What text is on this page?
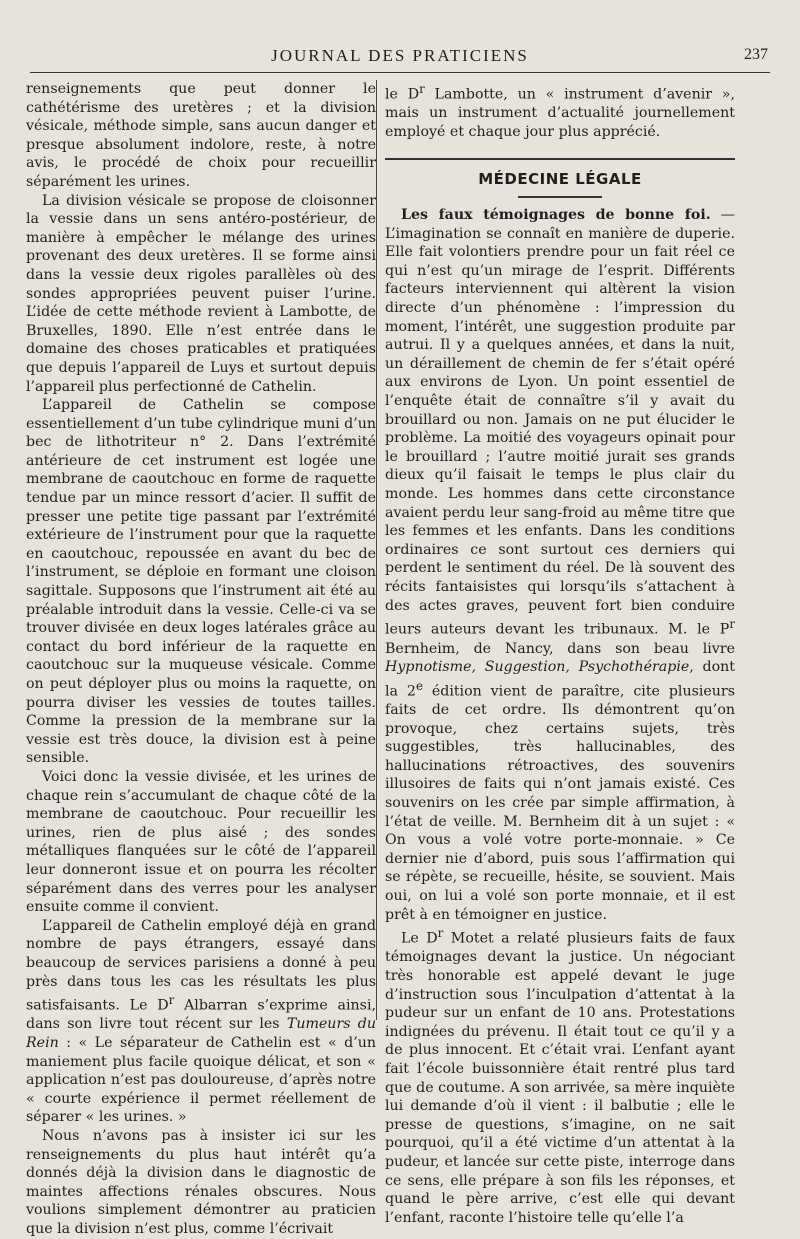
JOURNAL DES PRATICIENS	237

renseignements que peut donner le cathétérisme des uretères ; et la division vésicale, méthode simple, sans aucun danger et presque absolument indolore, reste, à notre avis, le procédé de choix pour recueillir séparément les urines.

La division vésicale se propose de cloisonner la vessie dans un sens antéro-postérieur, de manière à empêcher le mélange des urines provenant des deux uretères. Il se forme ainsi dans la vessie deux rigoles parallèles où des sondes appropriées peuvent puiser l’urine. L’idée de cette méthode revient à Lambotte, de Bruxelles, 1890. Elle n’est entrée dans le domaine des choses praticables et pratiquées que depuis l’appareil de Luys et surtout depuis l’appareil plus perfectionné de Cathelin.

L’appareil de Cathelin se compose essentiellement d’un tube cylindrique muni d’un bec de lithotriteur n° 2. Dans l’extrémité antérieure de cet instrument est logée une membrane de caoutchouc en forme de raquette tendue par un mince ressort d’acier. Il suffit de presser une petite tige passant par l’extrémité extérieure de l’instrument pour que la raquette en caoutchouc, repoussée en avant du bec de l’instrument, se déploie en formant une cloison sagittale. Supposons que l’instrument ait été au préalable introduit dans la vessie. Celle-ci va se trouver divisée en deux loges latérales grâce au contact du bord inférieur de la raquette en caoutchouc sur la muqueuse vésicale. Comme on peut déployer plus ou moins la raquette, on pourra diviser les vessies de toutes tailles. Comme la pression de la membrane sur la vessie est très douce, la division est à peine sensible.

Voici donc la vessie divisée, et les urines de chaque rein s’accumulant de chaque côté de la membrane de caoutchouc. Pour recueillir les urines, rien de plus aisé ; des sondes métalliques flanquées sur le côté de l’appareil leur donneront issue et on pourra les récolter séparément dans des verres pour les analyser ensuite comme il convient.

L’appareil de Cathelin employé déjà en grand nombre de pays étrangers, essayé dans beaucoup de services parisiens a donné à peu près dans tous les cas les résultats les plus satisfaisants. Le $D^r$ Albarran s’exprime ainsi, dans son livre tout récent sur les Tumeurs du Rein : « Le séparateur de Cathelin est « d’un maniement plus facile quoique délicat, et son « application n’est pas douloureuse, d’après notre « courte expérience il permet réellement de séparer « les urines. »

Nous n’avons pas à insister ici sur les renseignements du plus haut intérêt qu’a donnés déjà la division dans le diagnostic de maintes affections rénales obscures. Nous voulions simplement démontrer au praticien que la division n’est plus, comme l’écrivait

le $D^r$ Lambotte, un « instrument d’avenir », mais un instrument d’actualité journellement employé et chaque jour plus apprécié.

MÉDECINE LÉGALE

Les faux témoignages de bonne foi. — L’imagination se connaît en manière de duperie. Elle fait volontiers prendre pour un fait réel ce qui n’est qu’un mirage de l’esprit. Différents facteurs interviennent qui altèrent la vision directe d’un phénomène : l’impression du moment, l’intérêt, une suggestion produite par autrui. Il y a quelques années, et dans la nuit, un déraillement de chemin de fer s’était opéré aux environs de Lyon. Un point essentiel de l’enquête était de connaître s’il y avait du brouillard ou non. Jamais on ne put élucider le problème. La moitié des voyageurs opinait pour le brouillard ; l’autre moitié jurait ses grands dieux qu’il faisait le temps le plus clair du monde. Les hommes dans cette circonstance avaient perdu leur sang-froid au même titre que les femmes et les enfants. Dans les conditions ordinaires ce sont surtout ces derniers qui perdent le sentiment du réel. De là souvent des récits fantaisistes qui lorsqu’ils s’attachent à des actes graves, peuvent fort bien conduire leurs auteurs devant les tribunaux. M. le $P^r$ Bernheim, de Nancy, dans son beau livre Hypnotisme, Suggestion, Psychothérapie, dont la 2e édition vient de paraître, cite plusieurs faits de cet ordre. Ils démontrent qu’on provoque, chez certains sujets, très suggestibles, très hallucinables, des hallucinations rétroactives, des souvenirs illusoires de faits qui n’ont jamais existé. Ces souvenirs on les crée par simple affirmation, à l’état de veille. M. Bernheim dit à un sujet : « On vous a volé votre porte-monnaie. » Ce dernier nie d’abord, puis sous l’affirmation qui se répète, se recueille, hésite, se souvient. Mais oui, on lui a volé son porte monnaie, et il est prêt à en témoigner en justice.

Le $D^r$ Motet a relaté plusieurs faits de faux témoignages devant la justice. Un négociant très honorable est appelé devant le juge d’instruction sous l’inculpation d’attentat à la pudeur sur un enfant de 10 ans. Protestations indignées du prévenu. Il était tout ce qu’il y a de plus innocent. Et c’était vrai. L’enfant ayant fait l’école buissonnière était rentré plus tard que de coutume. A son arrivée, sa mère inquiète lui demande d’où il vient : il balbutie ; elle le presse de questions, s’imagine, on ne sait pourquoi, qu’il a été victime d’un attentat à la pudeur, et lancée sur cette piste, interroge dans ce sens, elle prépare à son fils les réponses, et quand le père arrive, c’est elle qui devant l’enfant, raconte l’histoire telle qu’elle l’a
